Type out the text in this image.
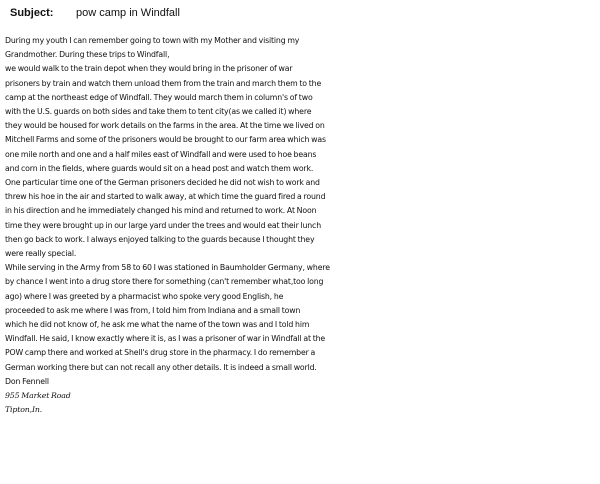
Subject: pow camp in Windfall
During my youth I can remember going to town with my Mother and visiting my
Grandmother. During these trips to Windfall,
we would walk to the train depot when they would bring in the prisoner of war
prisoners by train and watch them unload them from the train and march them to the
camp at the northeast edge of Windfall. They would march them in column's of two
with the U.S. guards on both sides and take them to tent city(as we called it) where
they would be housed for work details on the farms in the area. At the time we lived on
Mitchell Farms and some of the prisoners would be brought to our farm area which was
one mile north and one and a half miles east of Windfall and were used to hoe beans
and corn in the fields, where guards would sit on a head post and watch them work.
One particular time one of the German prisoners decided he did not wish to work and
threw his hoe in the air and started to walk away, at which time the guard fired a round
in his direction and he immediately changed his mind and returned to work. At Noon
time they were brought up in our large yard under the trees and would eat their lunch
then go back to work. I always enjoyed talking to the guards because I thought they
were really special.
While serving in the Army from 58 to 60 I was stationed in Baumholder Germany, where
by chance I went into a drug store there for something (can't remember what,too long
ago) where I was greeted by a pharmacist who spoke very good English, he
proceeded to ask me where I was from, I told him from Indiana and a small town
which he did not know of, he ask me what the name of the town was and I told him
Windfall. He said, I know exactly where it is, as I was a prisoner of war in Windfall at the
POW camp there and worked at Shell's drug store in the pharmacy. I do remember a
German working there but can not recall any other details. It is indeed a small world.
Don Fennell
955 Market Road
Tipton,In.
